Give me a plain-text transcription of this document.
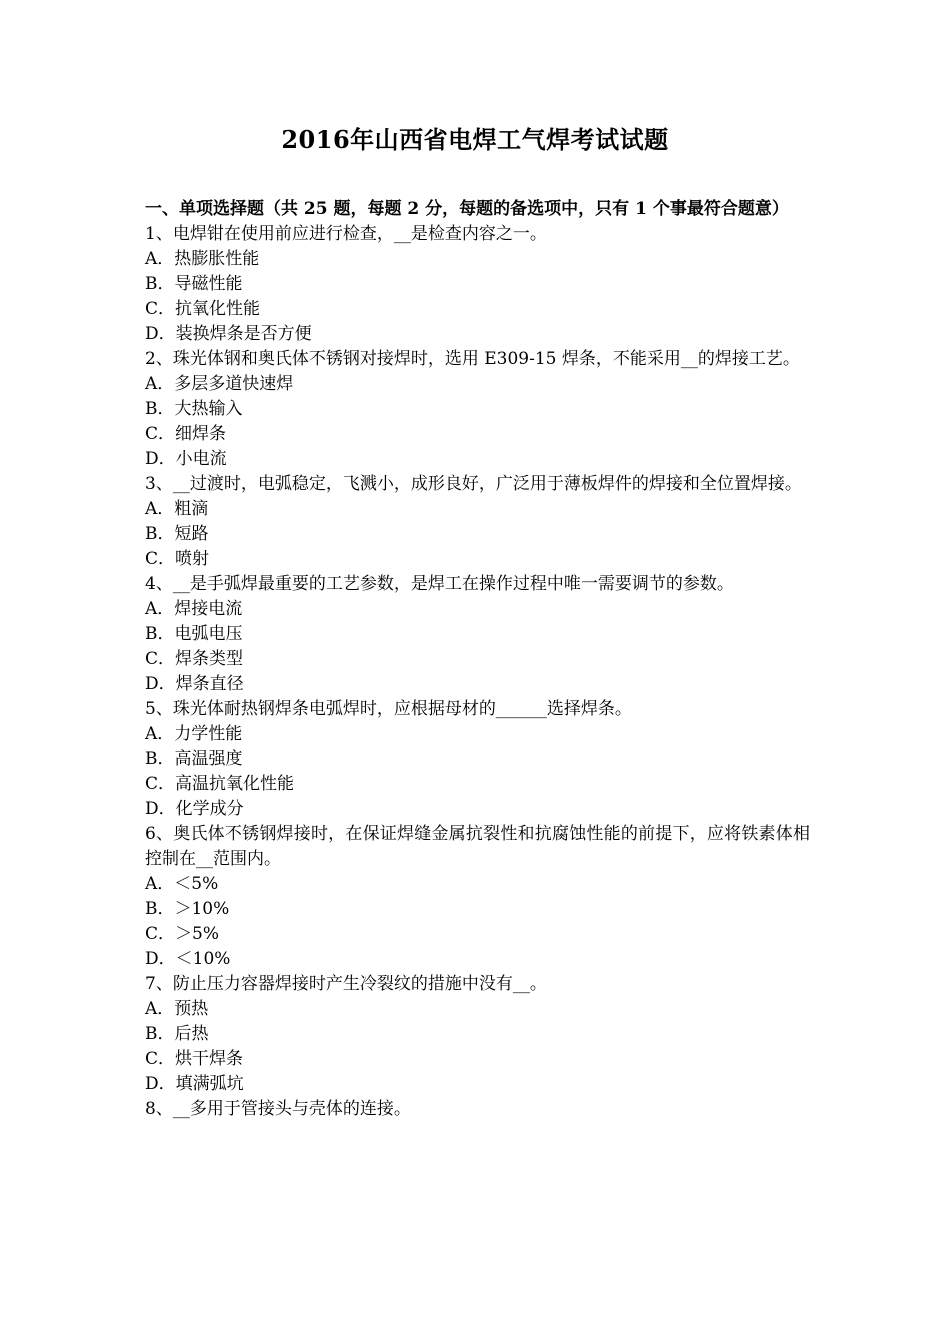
2016年山西省电焊工气焊考试试题
一、单项选择题（共 25 题，每题 2 分，每题的备选项中，只有 1 个事最符合题意）
1、电焊钳在使用前应进行检查，__是检查内容之一。
A．热膨胀性能
B．导磁性能
C．抗氧化性能
D．装换焊条是否方便
2、珠光体钢和奥氏体不锈钢对接焊时，选用 E309-15 焊条，不能采用__的焊接工艺。
A．多层多道快速焊
B．大热输入
C．细焊条
D．小电流
3、__过渡时，电弧稳定，飞溅小，成形良好，广泛用于薄板焊件的焊接和全位置焊接。
A．粗滴
B．短路
C．喷射
4、__是手弧焊最重要的工艺参数，是焊工在操作过程中唯一需要调节的参数。
A．焊接电流
B．电弧电压
C．焊条类型
D．焊条直径
5、珠光体耐热钢焊条电弧焊时，应根据母材的______选择焊条。
A．力学性能
B．高温强度
C．高温抗氧化性能
D．化学成分
6、奥氏体不锈钢焊接时，在保证焊缝金属抗裂性和抗腐蚀性能的前提下，应将铁素体相控制在__范围内。
A．＜5%
B．＞10%
C．＞5%
D．＜10%
7、防止压力容器焊接时产生冷裂纹的措施中没有__。
A．预热
B．后热
C．烘干焊条
D．填满弧坑
8、__多用于管接头与壳体的连接。
